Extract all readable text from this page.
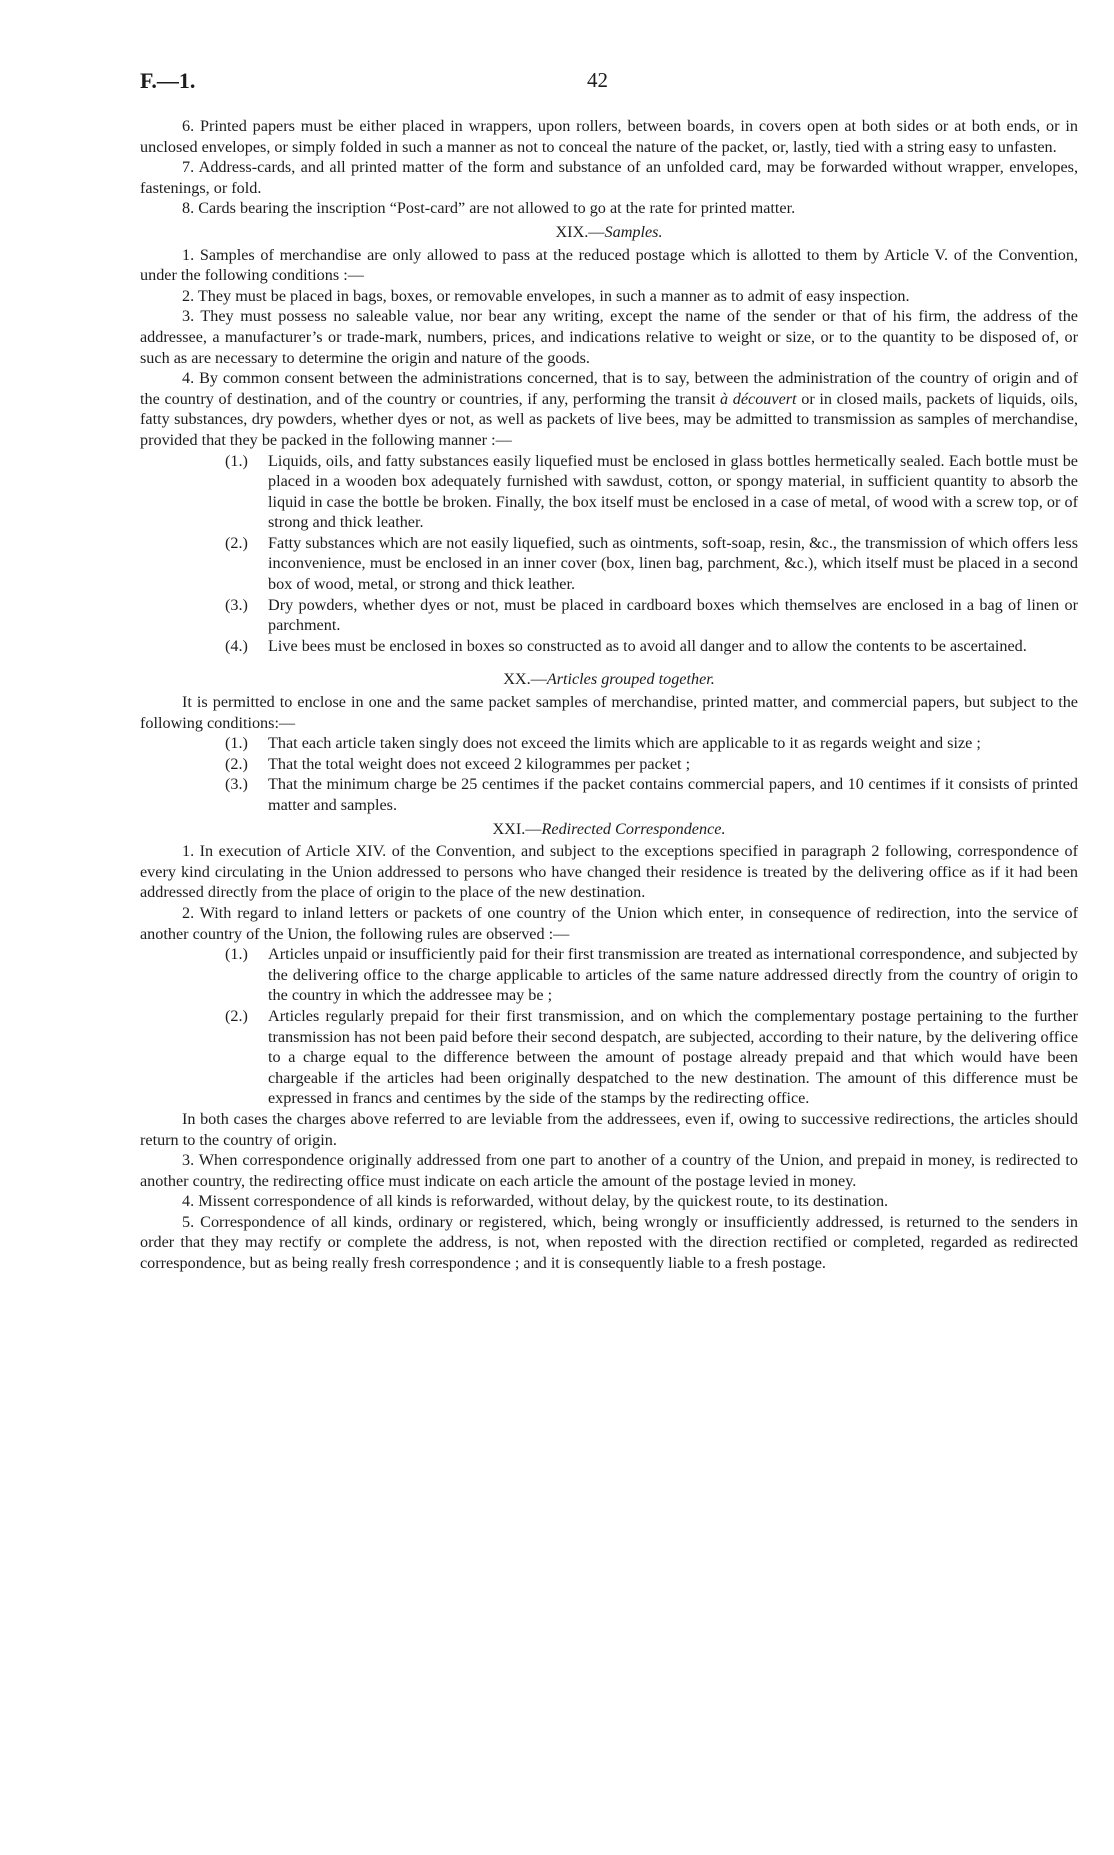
F.—1.	42

6. Printed papers must be either placed in wrappers, upon rollers, between boards, in covers open at both sides or at both ends, or in unclosed envelopes, or simply folded in such a manner as not to conceal the nature of the packet, or, lastly, tied with a string easy to unfasten.

7. Address-cards, and all printed matter of the form and substance of an unfolded card, may be forwarded without wrapper, envelopes, fastenings, or fold.

8. Cards bearing the inscription “Post-card” are not allowed to go at the rate for printed matter.

XIX.—Samples.

1. Samples of merchandise are only allowed to pass at the reduced postage which is allotted to them by Article V. of the Convention, under the following conditions :—

2. They must be placed in bags, boxes, or removable envelopes, in such a manner as to admit of easy inspection.

3. They must possess no saleable value, nor bear any writing, except the name of the sender or that of his firm, the address of the addressee, a manufacturer’s or trade-mark, numbers, prices, and indications relative to weight or size, or to the quantity to be disposed of, or such as are necessary to determine the origin and nature of the goods.

4. By common consent between the administrations concerned, that is to say, between the administration of the country of origin and of the country of destination, and of the country or countries, if any, performing the transit à découvert or in closed mails, packets of liquids, oils, fatty substances, dry powders, whether dyes or not, as well as packets of live bees, may be admitted to transmission as samples of merchandise, provided that they be packed in the following manner :—

(1.) Liquids, oils, and fatty substances easily liquefied must be enclosed in glass bottles hermetically sealed. Each bottle must be placed in a wooden box adequately furnished with sawdust, cotton, or spongy material, in sufficient quantity to absorb the liquid in case the bottle be broken. Finally, the box itself must be enclosed in a case of metal, of wood with a screw top, or of strong and thick leather.

(2.) Fatty substances which are not easily liquefied, such as ointments, soft-soap, resin, &c., the transmission of which offers less inconvenience, must be enclosed in an inner cover (box, linen bag, parchment, &c.), which itself must be placed in a second box of wood, metal, or strong and thick leather.

(3.) Dry powders, whether dyes or not, must be placed in cardboard boxes which themselves are enclosed in a bag of linen or parchment.

(4.) Live bees must be enclosed in boxes so constructed as to avoid all danger and to allow the contents to be ascertained.

XX.—Articles grouped together.

It is permitted to enclose in one and the same packet samples of merchandise, printed matter, and commercial papers, but subject to the following conditions:—

(1.) That each article taken singly does not exceed the limits which are applicable to it as regards weight and size ;

(2.) That the total weight does not exceed 2 kilogrammes per packet ;

(3.) That the minimum charge be 25 centimes if the packet contains commercial papers, and 10 centimes if it consists of printed matter and samples.

XXI.—Redirected Correspondence.

1. In execution of Article XIV. of the Convention, and subject to the exceptions specified in paragraph 2 following, correspondence of every kind circulating in the Union addressed to persons who have changed their residence is treated by the delivering office as if it had been addressed directly from the place of origin to the place of the new destination.

2. With regard to inland letters or packets of one country of the Union which enter, in consequence of redirection, into the service of another country of the Union, the following rules are observed :—

(1.) Articles unpaid or insufficiently paid for their first transmission are treated as international correspondence, and subjected by the delivering office to the charge applicable to articles of the same nature addressed directly from the country of origin to the country in which the addressee may be ;

(2.) Articles regularly prepaid for their first transmission, and on which the complementary postage pertaining to the further transmission has not been paid before their second despatch, are subjected, according to their nature, by the delivering office to a charge equal to the difference between the amount of postage already prepaid and that which would have been chargeable if the articles had been originally despatched to the new destination. The amount of this difference must be expressed in francs and centimes by the side of the stamps by the redirecting office.

In both cases the charges above referred to are leviable from the addressees, even if, owing to successive redirections, the articles should return to the country of origin.

3. When correspondence originally addressed from one part to another of a country of the Union, and prepaid in money, is redirected to another country, the redirecting office must indicate on each article the amount of the postage levied in money.

4. Missent correspondence of all kinds is reforwarded, without delay, by the quickest route, to its destination.

5. Correspondence of all kinds, ordinary or registered, which, being wrongly or insufficiently addressed, is returned to the senders in order that they may rectify or complete the address, is not, when reposted with the direction rectified or completed, regarded as redirected correspondence, but as being really fresh correspondence ; and it is consequently liable to a fresh postage.
